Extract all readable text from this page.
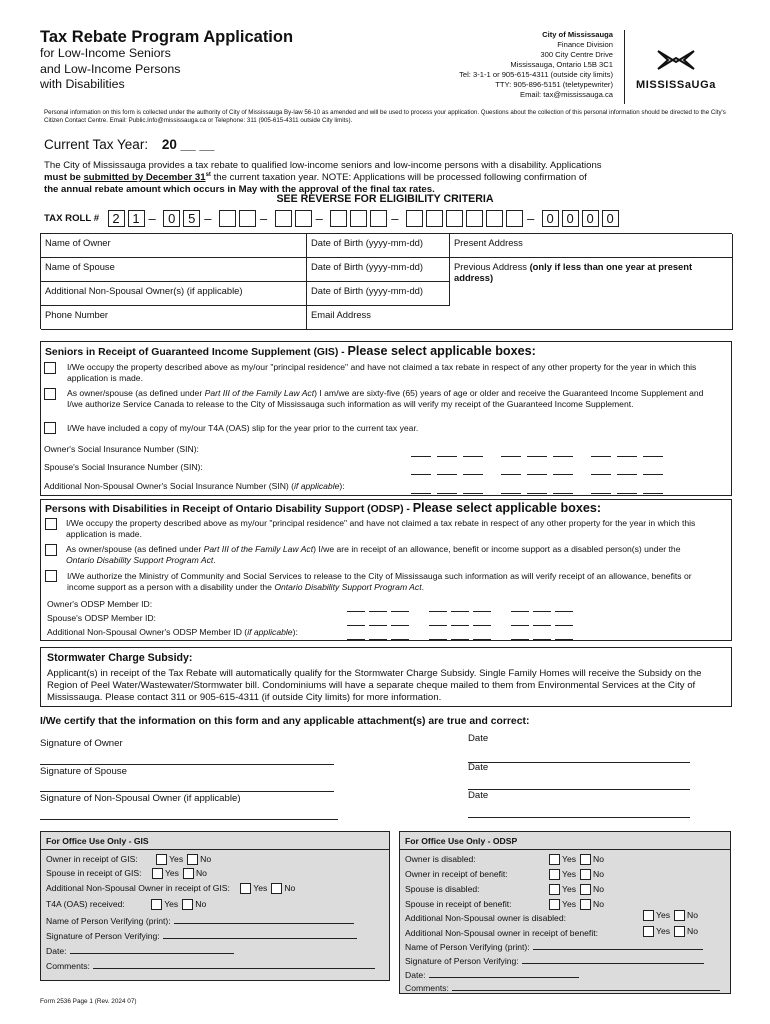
Tax Rebate Program Application
for Low-Income Seniors
and Low-Income Persons
with Disabilities
City of Mississauga
Finance Division
300 City Centre Drive
Mississauga, Ontario L5B 3C1
Tel: 3-1-1 or 905-615-4311 (outside city limits)
TTY: 905-896-5151 (teletypewriter)
Email: tax@mississauga.ca
MISSISSaUGa
Personal information on this form is collected under the authority of City of Mississauga By-law 56-10 as amended and will be used to process your application. Questions about the collection of this personal information should be directed to the City's Citizen Contact Centre. Email: Public.Info@mississauga.ca or Telephone: 311 (905-615-4311 outside City limits).
Current Tax Year: 20 __ __
The City of Mississauga provides a tax rebate to qualified low-income seniors and low-income persons with a disability. Applications
must be submitted by December 31st the current taxation year. NOTE: Applications will be processed following confirmation of
the annual rebate amount which occurs in May with the approval of the final tax rates.
SEE REVERSE FOR ELIGIBILITY CRITERIA
TAX ROLL # 2 1 – 0 5 –	–	–	–	– 0 0 0 0
Name of Owner	Date of Birth (yyyy-mm-dd)	Present Address
Name of Spouse	Date of Birth (yyyy-mm-dd)	Previous Address (only if less than one year at present address)
Additional Non-Spousal Owner(s) (if applicable)	Date of Birth (yyyy-mm-dd)
Phone Number	Email Address
Seniors in Receipt of Guaranteed Income Supplement (GIS) - Please select applicable boxes:
I/We occupy the property described above as my/our "principal residence" and have not claimed a tax rebate in respect of any other property for the year in which this application is made.
As owner/spouse (as defined under Part III of the Family Law Act) I am/we are sixty-five (65) years of age or older and receive the Guaranteed Income Supplement and I/we authorize Service Canada to release to the City of Mississauga such information as will verify my receipt of the Guaranteed Income Supplement.
I/We have included a copy of my/our T4A (OAS) slip for the year prior to the current tax year.
Owner's Social Insurance Number (SIN):
Spouse's Social Insurance Number (SIN):
Additional Non-Spousal Owner's Social Insurance Number (SIN) (if applicable):
Persons with Disabilities in Receipt of Ontario Disability Support (ODSP) - Please select applicable boxes:
I/We occupy the property described above as my/our "principal residence" and have not claimed a tax rebate in respect of any other property for the year in which this application is made.
As owner/spouse (as defined under Part III of the Family Law Act) I/we are in receipt of an allowance, benefit or income support as a disabled person(s) under the Ontario Disability Support Program Act.
I/We authorize the Ministry of Community and Social Services to release to the City of Mississauga such information as will verify receipt of an allowance, benefits or income support as a person with a disability under the Ontario Disability Support Program Act.
Owner's ODSP Member ID:
Spouse's ODSP Member ID:
Additional Non-Spousal Owner's ODSP Member ID (if applicable):
Stormwater Charge Subsidy:
Applicant(s) in receipt of the Tax Rebate will automatically qualify for the Stormwater Charge Subsidy. Single Family Homes will receive the Subsidy on the Region of Peel Water/Wastewater/Stormwater bill. Condominiums will have a separate cheque mailed to them from Environmental Services at the City of Mississauga. Please contact 311 or 905-615-4311 (if outside City limits) for more information.
I/We certify that the information on this form and any applicable attachment(s) are true and correct:
Signature of Owner	Date
Signature of Spouse	Date
Signature of Non-Spousal Owner (if applicable)	Date
For Office Use Only - GIS
Owner in receipt of GIS:	Yes No
Spouse in receipt of GIS:	Yes No
Additional Non-Spousal Owner in receipt of GIS:	Yes No
T4A (OAS) received:	Yes No
Name of Person Verifying (print):
Signature of Person Verifying:
Date:
Comments:
For Office Use Only - ODSP
Owner is disabled:	Yes No
Owner in receipt of benefit:	Yes No
Spouse is disabled:	Yes No
Spouse in receipt of benefit:	Yes No
Additional Non-Spousal owner is disabled:	Yes No
Additional Non-Spousal owner in receipt of benefit:	Yes No
Name of Person Verifying (print):
Signature of Person Verifying:
Date:
Comments:
Form 2536 Page 1 (Rev. 2024 07)
